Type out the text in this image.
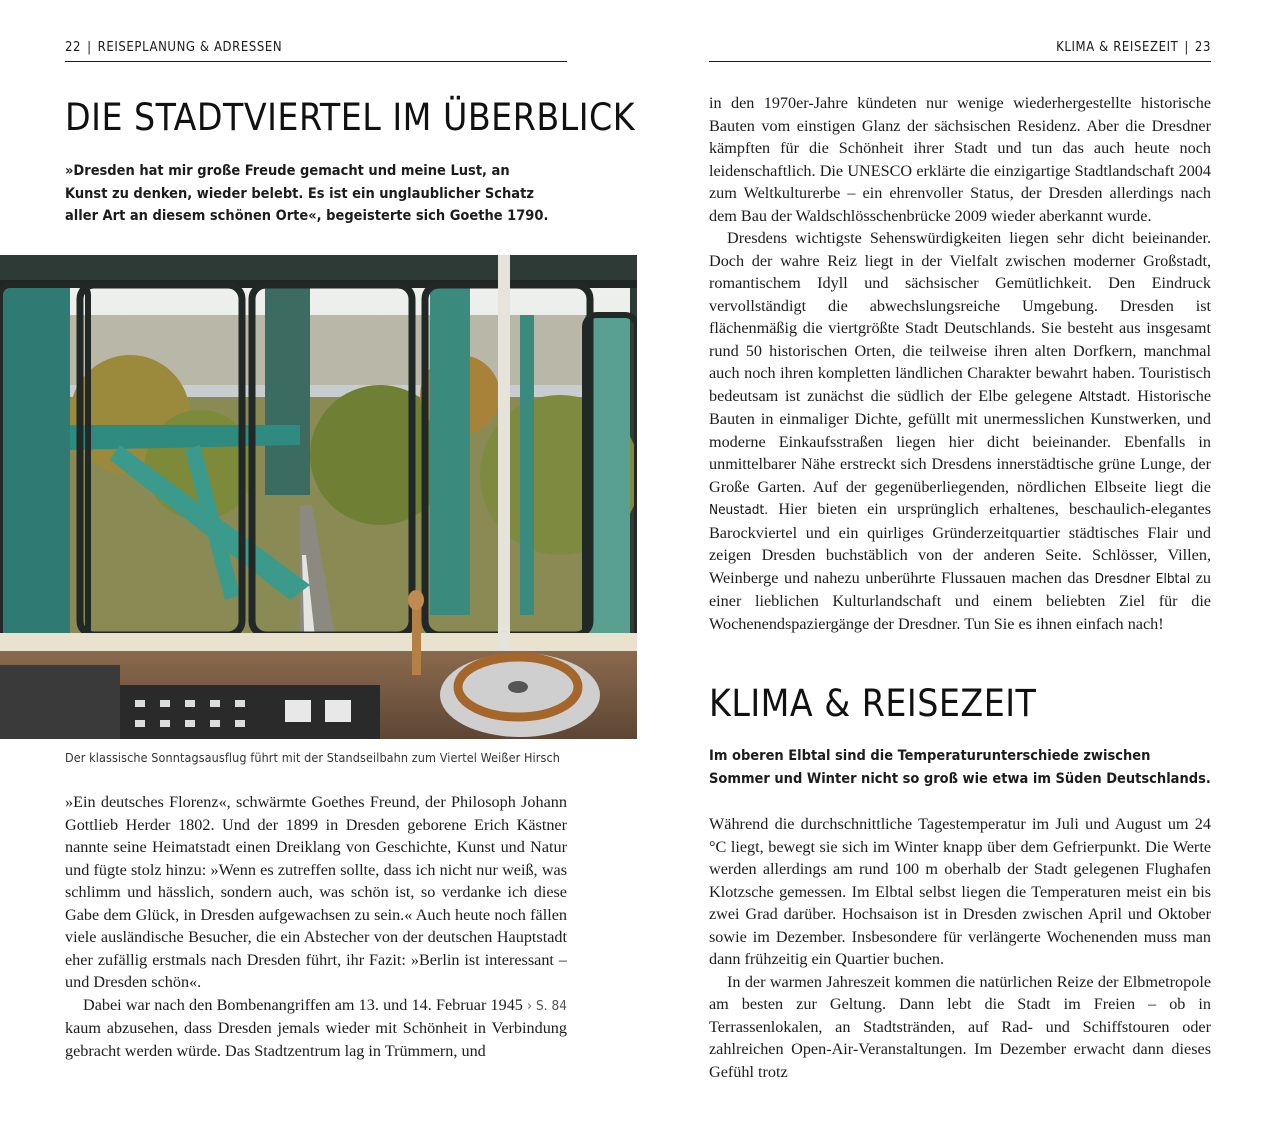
22 | REISEPLANUNG & ADRESSEN
DIE STADTVIERTEL IM ÜBERBLICK

»Dresden hat mir große Freude gemacht und meine Lust, an Kunst zu denken, wieder belebt. Es ist ein unglaublicher Schatz aller Art an diesem schönen Orte«, begeisterte sich Goethe 1790.

Der klassische Sonntagsausflug führt mit der Standseilbahn zum Viertel Weißer Hirsch

»Ein deutsches Florenz«, schwärmte Goethes Freund, der Philosoph Johann Gottlieb Herder 1802. Und der 1899 in Dresden geborene Erich Kästner nannte seine Heimatstadt einen Dreiklang von Geschichte, Kunst und Natur und fügte stolz hinzu: »Wenn es zutreffen sollte, dass ich nicht nur weiß, was schlimm und hässlich, sondern auch, was schön ist, so verdanke ich diese Gabe dem Glück, in Dresden aufgewachsen zu sein.« Auch heute noch fällen viele ausländische Besucher, die ein Abstecher von der deutschen Hauptstadt eher zufällig erstmals nach Dresden führt, ihr Fazit: »Berlin ist interessant – und Dresden schön«.

Dabei war nach den Bombenangriffen am 13. und 14. Februar 1945 › S. 84 kaum abzusehen, dass Dresden jemals wieder mit Schönheit in Verbindung gebracht werden würde. Das Stadtzentrum lag in Trümmern, und

KLIMA & REISEZEIT | 23

in den 1970er-Jahre kündeten nur wenige wiederhergestellte historische Bauten vom einstigen Glanz der sächsischen Residenz. Aber die Dresdner kämpften für die Schönheit ihrer Stadt und tun das auch heute noch leidenschaftlich. Die UNESCO erklärte die einzigartige Stadtlandschaft 2004 zum Weltkulturerbe – ein ehrenvoller Status, der Dresden allerdings nach dem Bau der Waldschlösschenbrücke 2009 wieder aberkannt wurde.

Dresdens wichtigste Sehenswürdigkeiten liegen sehr dicht beieinander. Doch der wahre Reiz liegt in der Vielfalt zwischen moderner Großstadt, romantischem Idyll und sächsischer Gemütlichkeit. Den Eindruck vervollständigt die abwechslungsreiche Umgebung. Dresden ist flächenmäßig die viertgrößte Stadt Deutschlands. Sie besteht aus insgesamt rund 50 historischen Orten, die teilweise ihren alten Dorfkern, manchmal auch noch ihren kompletten ländlichen Charakter bewahrt haben. Touristisch bedeutsam ist zunächst die südlich der Elbe gelegene Altstadt. Historische Bauten in einmaliger Dichte, gefüllt mit unermesslichen Kunstwerken, und moderne Einkaufsstraßen liegen hier dicht beieinander. Ebenfalls in unmittelbarer Nähe erstreckt sich Dresdens innerstädtische grüne Lunge, der Große Garten. Auf der gegenüberliegenden, nördlichen Elbseite liegt die Neustadt. Hier bieten ein ursprünglich erhaltenes, beschaulich-elegantes Barockviertel und ein quirliges Gründerzeitquartier städtisches Flair und zeigen Dresden buchstäblich von der anderen Seite. Schlösser, Villen, Weinberge und nahezu unberührte Flussauen machen das Dresdner Elbtal zu einer lieblichen Kulturlandschaft und einem beliebten Ziel für die Wochenendspaziergänge der Dresdner. Tun Sie es ihnen einfach nach!

KLIMA & REISEZEIT

Im oberen Elbtal sind die Temperaturunterschiede zwischen Sommer und Winter nicht so groß wie etwa im Süden Deutschlands.

Während die durchschnittliche Tagestemperatur im Juli und August um 24 °C liegt, bewegt sie sich im Winter knapp über dem Gefrierpunkt. Die Werte werden allerdings am rund 100 m oberhalb der Stadt gelegenen Flughafen Klotzsche gemessen. Im Elbtal selbst liegen die Temperaturen meist ein bis zwei Grad darüber. Hochsaison ist in Dresden zwischen April und Oktober sowie im Dezember. Insbesondere für verlängerte Wochenenden muss man dann frühzeitig ein Quartier buchen.

In der warmen Jahreszeit kommen die natürlichen Reize der Elbmetropole am besten zur Geltung. Dann lebt die Stadt im Freien – ob in Terrassenlokalen, an Stadtstränden, auf Rad- und Schiffstouren oder zahlreichen Open-Air-Veranstaltungen. Im Dezember erwacht dann dieses Gefühl trotz
